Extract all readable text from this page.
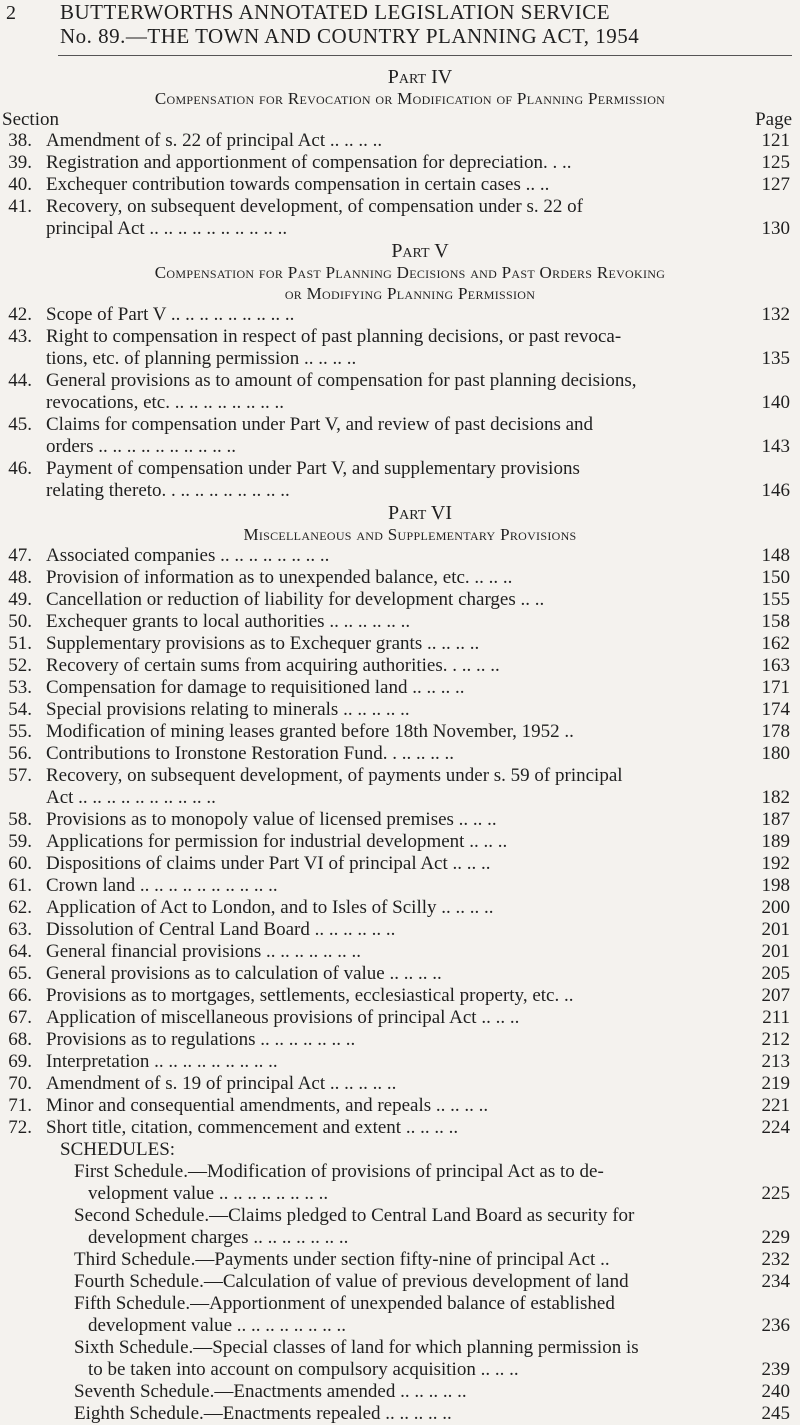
2 BUTTERWORTHS ANNOTATED LEGISLATION SERVICE
No. 89.—THE TOWN AND COUNTRY PLANNING ACT, 1954
Part IV
Compensation for Revocation or Modification of Planning Permission
Section	Page
38. Amendment of s. 22 of principal Act .. .. .. ..	121
39. Registration and apportionment of compensation for depreciation. . ..	125
40. Exchequer contribution towards compensation in certain cases .. ..	127
41. Recovery, on subsequent development, of compensation under s. 22 of
principal Act .. .. .. .. .. .. .. .. .. ..	130
Part V
Compensation for Past Planning Decisions and Past Orders Revoking
or Modifying Planning Permission
42. Scope of Part V .. .. .. .. .. .. .. .. ..	132
43. Right to compensation in respect of past planning decisions, or past revoca-
tions, etc. of planning permission .. .. .. ..	135
44. General provisions as to amount of compensation for past planning decisions,
revocations, etc. .. .. .. .. .. .. .. ..	140
45. Claims for compensation under Part V, and review of past decisions and
orders .. .. .. .. .. .. .. .. .. ..	143
46. Payment of compensation under Part V, and supplementary provisions
relating thereto. . .. .. .. .. .. .. .. ..	146
Part VI
Miscellaneous and Supplementary Provisions
47. Associated companies .. .. .. .. .. .. .. ..	148
48. Provision of information as to unexpended balance, etc. .. .. ..	150
49. Cancellation or reduction of liability for development charges .. ..	155
50. Exchequer grants to local authorities .. .. .. .. .. ..	158
51. Supplementary provisions as to Exchequer grants .. .. .. ..	162
52. Recovery of certain sums from acquiring authorities. . .. .. ..	163
53. Compensation for damage to requisitioned land .. .. .. ..	171
54. Special provisions relating to minerals .. .. .. .. ..	174
55. Modification of mining leases granted before 18th November, 1952 ..	178
56. Contributions to Ironstone Restoration Fund. . .. .. .. ..	180
57. Recovery, on subsequent development, of payments under s. 59 of principal
Act .. .. .. .. .. .. .. .. .. ..	182
58. Provisions as to monopoly value of licensed premises .. .. ..	187
59. Applications for permission for industrial development .. .. ..	189
60. Dispositions of claims under Part VI of principal Act .. .. ..	192
61. Crown land .. .. .. .. .. .. .. .. .. ..	198
62. Application of Act to London, and to Isles of Scilly .. .. .. ..	200
63. Dissolution of Central Land Board .. .. .. .. .. ..	201
64. General financial provisions .. .. .. .. .. .. ..	201
65. General provisions as to calculation of value .. .. .. ..	205
66. Provisions as to mortgages, settlements, ecclesiastical property, etc. ..	207
67. Application of miscellaneous provisions of principal Act .. .. ..	211
68. Provisions as to regulations .. .. .. .. .. .. ..	212
69. Interpretation .. .. .. .. .. .. .. .. ..	213
70. Amendment of s. 19 of principal Act .. .. .. .. ..	219
71. Minor and consequential amendments, and repeals .. .. .. ..	221
72. Short title, citation, commencement and extent .. .. .. ..	224
SCHEDULES:
First Schedule.—Modification of provisions of principal Act as to de-
velopment value .. .. .. .. .. .. .. ..	225
Second Schedule.—Claims pledged to Central Land Board as security for
development charges .. .. .. .. .. .. ..	229
Third Schedule.—Payments under section fifty-nine of principal Act ..	232
Fourth Schedule.—Calculation of value of previous development of land	234
Fifth Schedule.—Apportionment of unexpended balance of established
development value .. .. .. .. .. .. .. ..	236
Sixth Schedule.—Special classes of land for which planning permission is
to be taken into account on compulsory acquisition .. .. ..	239
Seventh Schedule.—Enactments amended .. .. .. .. ..	240
Eighth Schedule.—Enactments repealed .. .. .. .. ..	245
